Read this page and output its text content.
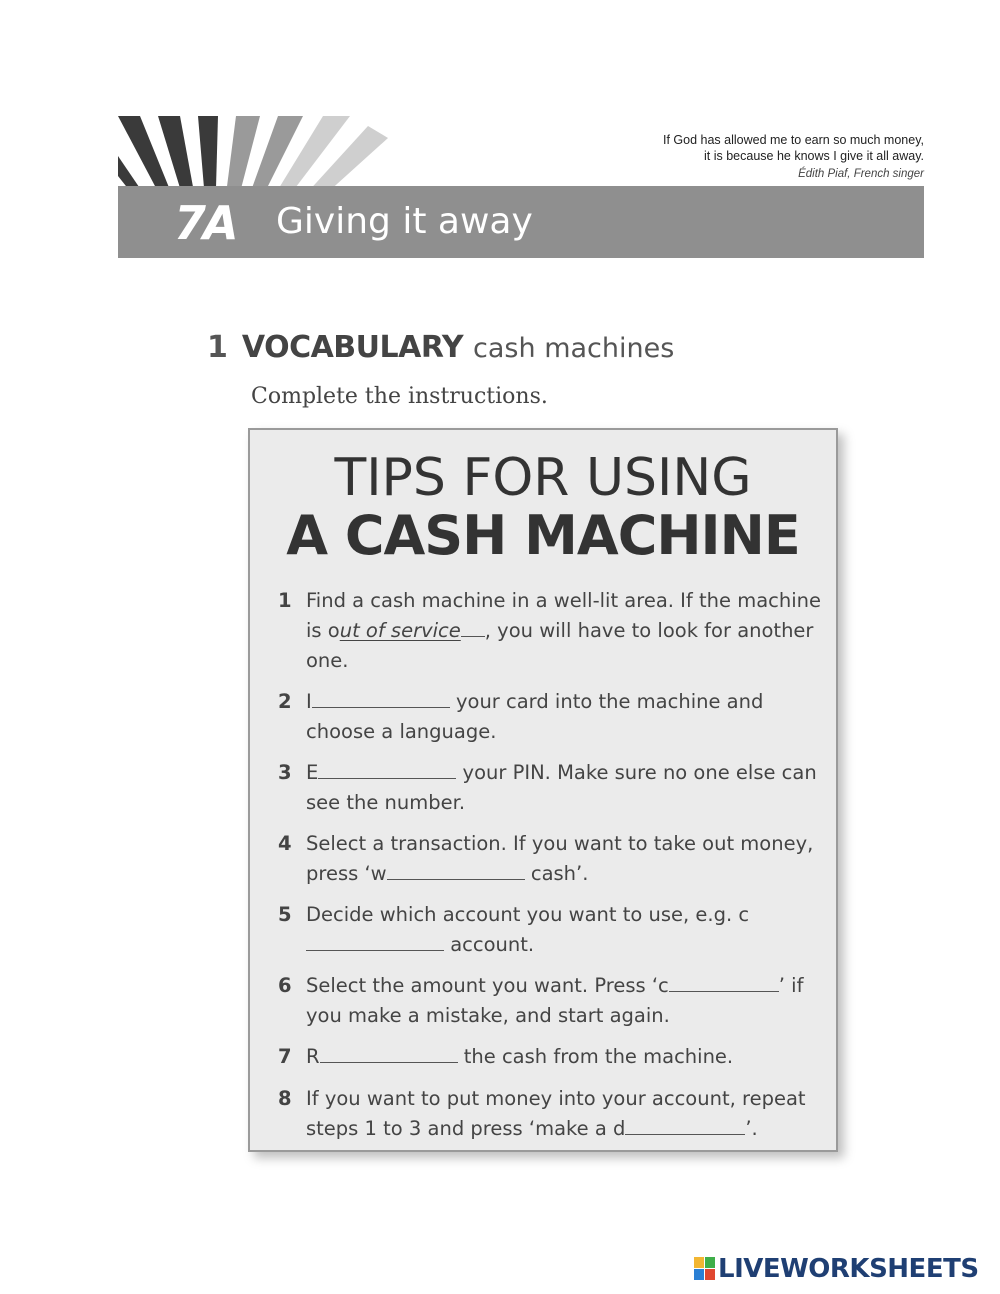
7A Giving it away
If God has allowed me to earn so much money,
it is because he knows I give it all away.
Édith Piaf, French singer
1 VOCABULARY cash machines
Complete the instructions.
TIPS FOR USING
A CASH MACHINE
1 Find a cash machine in a well-lit area. If the machine is out of service , you will have to look for another one.
2 I	your card into the machine and choose a language.
3 E	your PIN. Make sure no one else can see the number.
4 Select a transaction. If you want to take out money, press ‘w	cash’.
5 Decide which account you want to use, e.g. c account.
6 Select the amount you want. Press ‘c	’ if you make a mistake, and start again.
7 R	the cash from the machine.
8 If you want to put money into your account, repeat steps 1 to 3 and press ‘make a d	’.
LIVEWORKSHEETS
